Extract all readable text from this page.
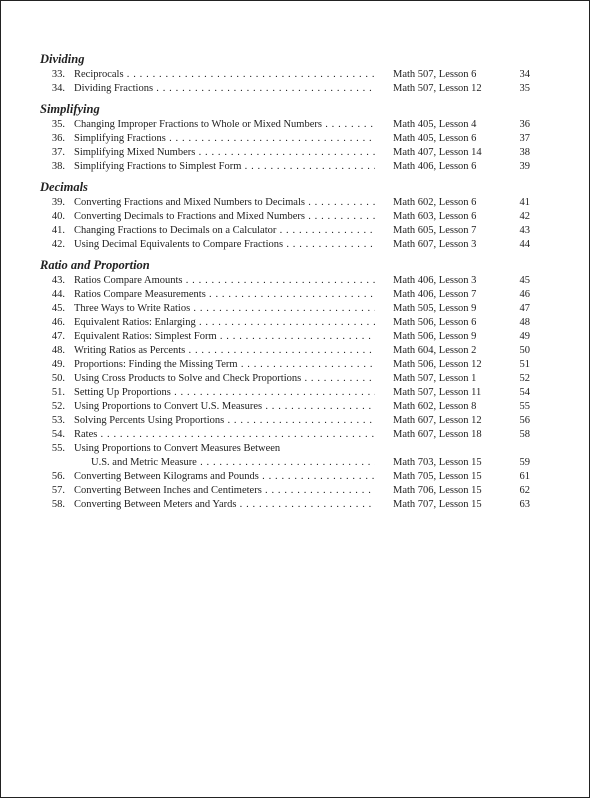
Dividing
33. Reciprocals . . .	Math 507, Lesson 6	34
34. Dividing Fractions . . .	Math 507, Lesson 12	35
Simplifying
35. Changing Improper Fractions to Whole or Mixed Numbers . . .	Math 405, Lesson 4	36
36. Simplifying Fractions . . .	Math 405, Lesson 6	37
37. Simplifying Mixed Numbers . . .	Math 407, Lesson 14	38
38. Simplifying Fractions to Simplest Form . . .	Math 406, Lesson 6	39
Decimals
39. Converting Fractions and Mixed Numbers to Decimals . . .	Math 602, Lesson 6	41
40. Converting Decimals to Fractions and Mixed Numbers . . .	Math 603, Lesson 6	42
41. Changing Fractions to Decimals on a Calculator . . .	Math 605, Lesson 7	43
42. Using Decimal Equivalents to Compare Fractions . . .	Math 607, Lesson 3	44
Ratio and Proportion
43. Ratios Compare Amounts . . .	Math 406, Lesson 3	45
44. Ratios Compare Measurements . . .	Math 406, Lesson 7	46
45. Three Ways to Write Ratios . . .	Math 505, Lesson 9	47
46. Equivalent Ratios: Enlarging . . .	Math 506, Lesson 6	48
47. Equivalent Ratios: Simplest Form . . .	Math 506, Lesson 9	49
48. Writing Ratios as Percents . . .	Math 604, Lesson 2	50
49. Proportions: Finding the Missing Term . . .	Math 506, Lesson 12	51
50. Using Cross Products to Solve and Check Proportions . . .	Math 507, Lesson 1	52
51. Setting Up Proportions . . .	Math 507, Lesson 11	54
52. Using Proportions to Convert U.S. Measures . . .	Math 602, Lesson 8	55
53. Solving Percents Using Proportions . . .	Math 607, Lesson 12	56
54. Rates . . .	Math 607, Lesson 18	58
55. Using Proportions to Convert Measures Between
U.S. and Metric Measure . . .	Math 703, Lesson 15	59
56. Converting Between Kilograms and Pounds . . .	Math 705, Lesson 15	61
57. Converting Between Inches and Centimeters . . .	Math 706, Lesson 15	62
58. Converting Between Meters and Yards . . .	Math 707, Lesson 15	63
